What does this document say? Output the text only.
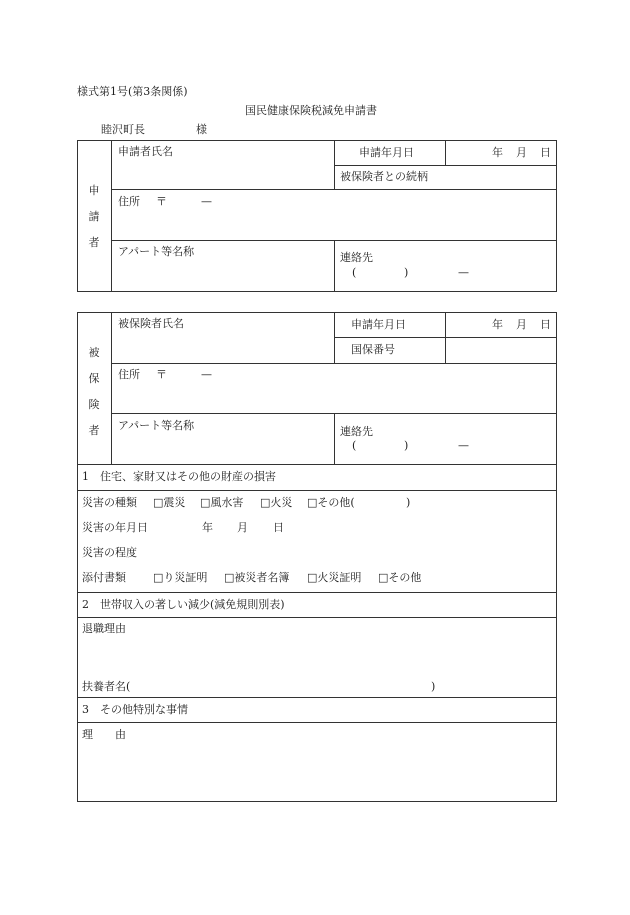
様式第1号(第3条関係)
国民健康保険税減免申請書
睦沢町長	様
申
請
者
申請者氏名	申請年月日	年 月 日
被保険者との続柄
住所 〒	—
アパート等名称	連絡先
(	)	—
被
保
険
者
被保険者氏名	申請年月日	年 月 日
国保番号
住所 〒	—
アパート等名称	連絡先
(	)	—
1　住宅、家財又はその他の財産の損害
災害の種類 □震災 □風水害 □火災 □その他(	)
災害の年月日	年 月 日
災害の程度
添付書類 □り災証明 □被災者名簿 □火災証明 □その他
2　世帯収入の著しい減少(減免規則別表)
退職理由
扶養者名(	)
3　その他特別な事情
理　　由
